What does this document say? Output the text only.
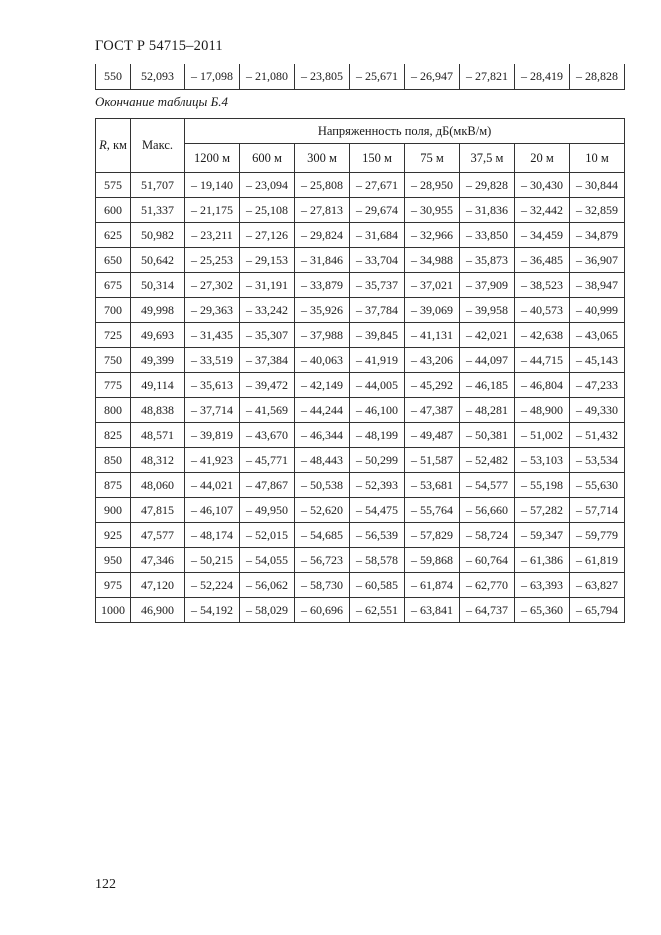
ГОСТ Р 54715–2011
550	52,093	– 17,098	– 21,080	– 23,805	– 25,671	– 26,947	– 27,821	– 28,419	– 28,828
Окончание таблицы Б.4
R, км	Макс.	Напряженность поля, дБ(мкВ/м)							
		1200 м	600 м	300 м	150 м	75 м	37,5 м	20 м	10 м
575	51,707	– 19,140	– 23,094	– 25,808	– 27,671	– 28,950	– 29,828	– 30,430	– 30,844
600	51,337	– 21,175	– 25,108	– 27,813	– 29,674	– 30,955	– 31,836	– 32,442	– 32,859
625	50,982	– 23,211	– 27,126	– 29,824	– 31,684	– 32,966	– 33,850	– 34,459	– 34,879
650	50,642	– 25,253	– 29,153	– 31,846	– 33,704	– 34,988	– 35,873	– 36,485	– 36,907
675	50,314	– 27,302	– 31,191	– 33,879	– 35,737	– 37,021	– 37,909	– 38,523	– 38,947
700	49,998	– 29,363	– 33,242	– 35,926	– 37,784	– 39,069	– 39,958	– 40,573	– 40,999
725	49,693	– 31,435	– 35,307	– 37,988	– 39,845	– 41,131	– 42,021	– 42,638	– 43,065
750	49,399	– 33,519	– 37,384	– 40,063	– 41,919	– 43,206	– 44,097	– 44,715	– 45,143
775	49,114	– 35,613	– 39,472	– 42,149	– 44,005	– 45,292	– 46,185	– 46,804	– 47,233
800	48,838	– 37,714	– 41,569	– 44,244	– 46,100	– 47,387	– 48,281	– 48,900	– 49,330
825	48,571	– 39,819	– 43,670	– 46,344	– 48,199	– 49,487	– 50,381	– 51,002	– 51,432
850	48,312	– 41,923	– 45,771	– 48,443	– 50,299	– 51,587	– 52,482	– 53,103	– 53,534
875	48,060	– 44,021	– 47,867	– 50,538	– 52,393	– 53,681	– 54,577	– 55,198	– 55,630
900	47,815	– 46,107	– 49,950	– 52,620	– 54,475	– 55,764	– 56,660	– 57,282	– 57,714
925	47,577	– 48,174	– 52,015	– 54,685	– 56,539	– 57,829	– 58,724	– 59,347	– 59,779
950	47,346	– 50,215	– 54,055	– 56,723	– 58,578	– 59,868	– 60,764	– 61,386	– 61,819
975	47,120	– 52,224	– 56,062	– 58,730	– 60,585	– 61,874	– 62,770	– 63,393	– 63,827
1000	46,900	– 54,192	– 58,029	– 60,696	– 62,551	– 63,841	– 64,737	– 65,360	– 65,794
122
